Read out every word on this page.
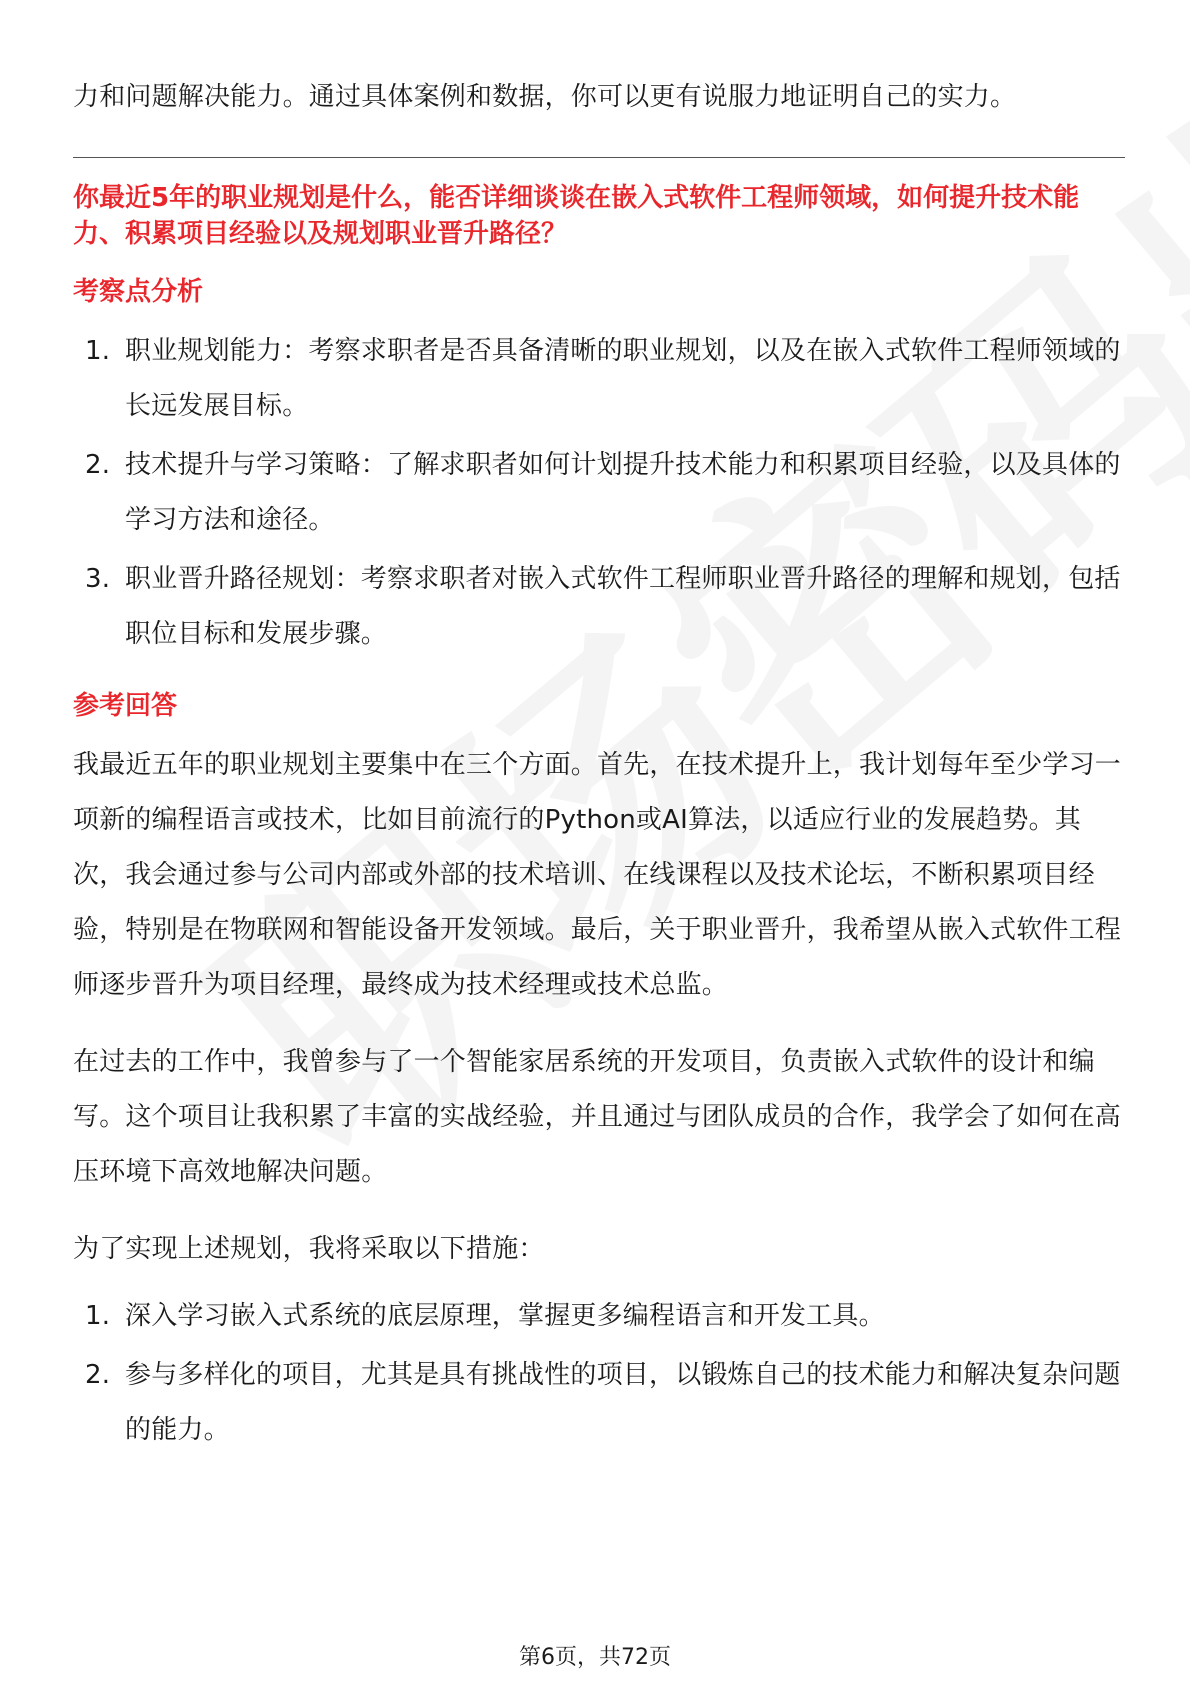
力和问题解决能力。通过具体案例和数据，你可以更有说服力地证明自己的实力。

你最近5年的职业规划是什么，能否详细谈谈在嵌入式软件工程师领域，如何提升技术能力、积累项目经验以及规划职业晋升路径？

考察点分析
1. 职业规划能力：考察求职者是否具备清晰的职业规划，以及在嵌入式软件工程师领域的长远发展目标。
2. 技术提升与学习策略：了解求职者如何计划提升技术能力和积累项目经验，以及具体的学习方法和途径。
3. 职业晋升路径规划：考察求职者对嵌入式软件工程师职业晋升路径的理解和规划，包括职位目标和发展步骤。
参考回答

我最近五年的职业规划主要集中在三个方面。首先，在技术提升上，我计划每年至少学习一项新的编程语言或技术，比如目前流行的Python或AI算法，以适应行业的发展趋势。其次，我会通过参与公司内部或外部的技术培训、在线课程以及技术论坛，不断积累项目经验，特别是在物联网和智能设备开发领域。最后，关于职业晋升，我希望从嵌入式软件工程师逐步晋升为项目经理，最终成为技术经理或技术总监。

在过去的工作中，我曾参与了一个智能家居系统的开发项目，负责嵌入式软件的设计和编写。这个项目让我积累了丰富的实战经验，并且通过与团队成员的合作，我学会了如何在高压环境下高效地解决问题。

为了实现上述规划，我将采取以下措施：

1. 深入学习嵌入式系统的底层原理，掌握更多编程语言和开发工具。
2. 参与多样化的项目，尤其是具有挑战性的项目，以锻炼自己的技术能力和解决复杂问题的能力。
第6页，共72页
